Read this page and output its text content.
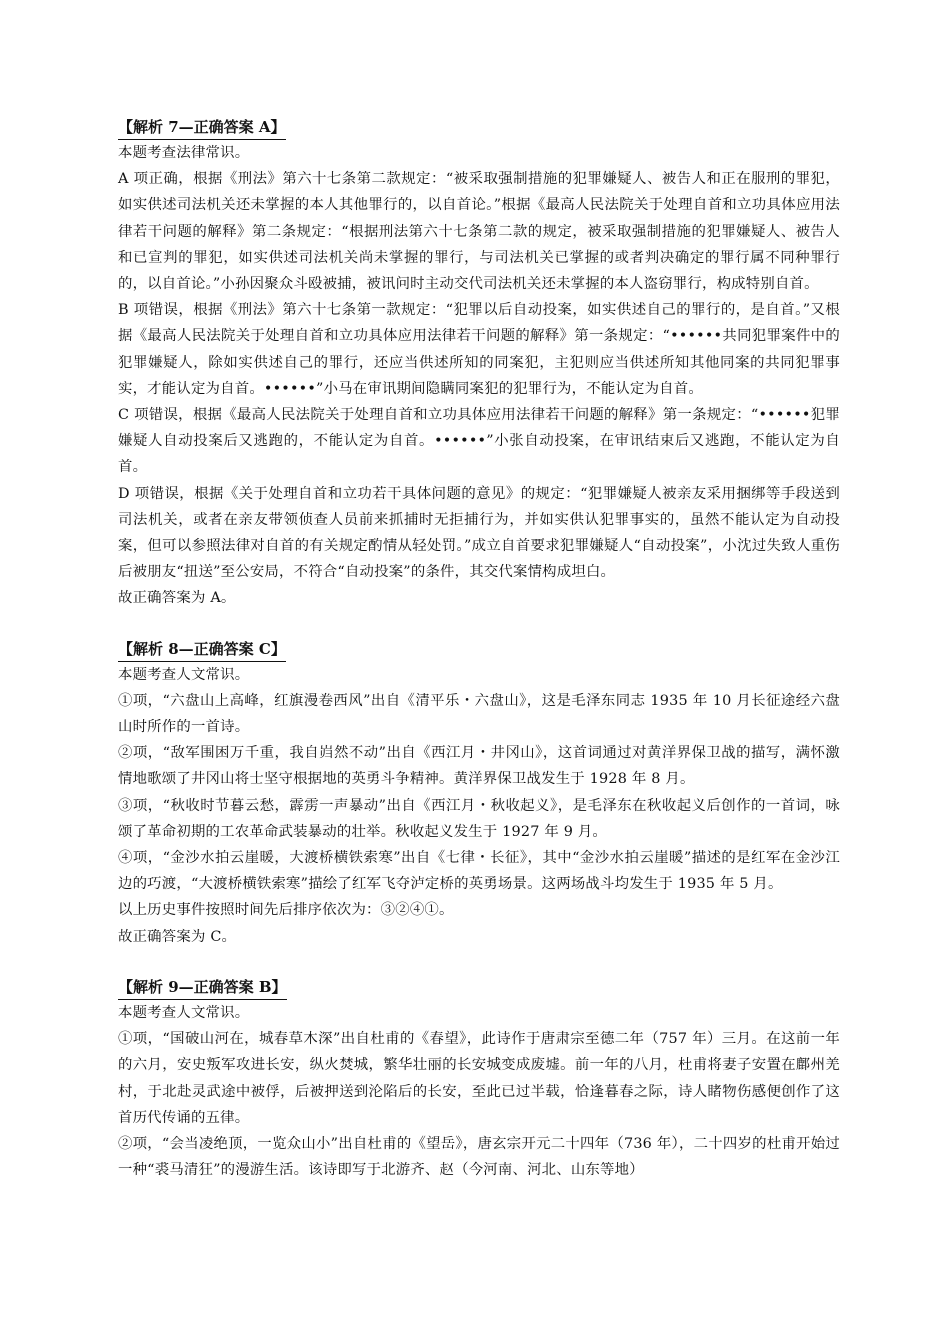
【解析 7—正确答案 A】

本题考查法律常识。

A 项正确，根据《刑法》第六十七条第二款规定：“被采取强制措施的犯罪嫌疑人、被告人和正在服刑的罪犯，如实供述司法机关还未掌握的本人其他罪行的，以自首论。”根据《最高人民法院关于处理自首和立功具体应用法律若干问题的解释》第二条规定：“根据刑法第六十七条第二款的规定，被采取强制措施的犯罪嫌疑人、被告人和已宣判的罪犯，如实供述司法机关尚未掌握的罪行，与司法机关已掌握的或者判决确定的罪行属不同种罪行的，以自首论。”小孙因聚众斗殴被捕，被讯问时主动交代司法机关还未掌握的本人盗窃罪行，构成特别自首。

B 项错误，根据《刑法》第六十七条第一款规定：“犯罪以后自动投案，如实供述自己的罪行的，是自首。”又根据《最高人民法院关于处理自首和立功具体应用法律若干问题的解释》第一条规定：“••••••共同犯罪案件中的犯罪嫌疑人，除如实供述自己的罪行，还应当供述所知的同案犯，主犯则应当供述所知其他同案的共同犯罪事实，才能认定为自首。••••••”小马在审讯期间隐瞒同案犯的犯罪行为，不能认定为自首。

C 项错误，根据《最高人民法院关于处理自首和立功具体应用法律若干问题的解释》第一条规定：“••••••犯罪嫌疑人自动投案后又逃跑的，不能认定为自首。••••••”小张自动投案，在审讯结束后又逃跑，不能认定为自首。

D 项错误，根据《关于处理自首和立功若干具体问题的意见》的规定：“犯罪嫌疑人被亲友采用捆绑等手段送到司法机关，或者在亲友带领侦查人员前来抓捕时无拒捕行为，并如实供认犯罪事实的，虽然不能认定为自动投案，但可以参照法律对自首的有关规定酌情从轻处罚。”成立自首要求犯罪嫌疑人“自动投案”，小沈过失致人重伤后被朋友“扭送”至公安局，不符合“自动投案”的条件，其交代案情构成坦白。

故正确答案为 A。

【解析 8—正确答案 C】

本题考查人文常识。

①项，“六盘山上高峰，红旗漫卷西风”出自《清平乐・六盘山》，这是毛泽东同志 1935 年 10 月长征途经六盘山时所作的一首诗。

②项，“敌军围困万千重，我自岿然不动”出自《西江月・井冈山》，这首词通过对黄洋界保卫战的描写，满怀激情地歌颂了井冈山将士坚守根据地的英勇斗争精神。黄洋界保卫战发生于 1928 年 8 月。

③项，“秋收时节暮云愁，霹雳一声暴动”出自《西江月・秋收起义》，是毛泽东在秋收起义后创作的一首词，咏颂了革命初期的工农革命武装暴动的壮举。秋收起义发生于 1927 年 9 月。

④项，“金沙水拍云崖暖，大渡桥横铁索寒”出自《七律・长征》，其中“金沙水拍云崖暖”描述的是红军在金沙江边的巧渡，“大渡桥横铁索寒”描绘了红军飞夺泸定桥的英勇场景。这两场战斗均发生于 1935 年 5 月。

以上历史事件按照时间先后排序依次为：③②④①。

故正确答案为 C。

【解析 9—正确答案 B】

本题考查人文常识。

①项，“国破山河在，城春草木深”出自杜甫的《春望》，此诗作于唐肃宗至德二年（757 年）三月。在这前一年的六月，安史叛军攻进长安，纵火焚城，繁华壮丽的长安城变成废墟。前一年的八月，杜甫将妻子安置在鄜州羌村，于北赴灵武途中被俘，后被押送到沦陷后的长安，至此已过半载，恰逢暮春之际，诗人睹物伤感便创作了这首历代传诵的五律。

②项，“会当凌绝顶，一览众山小”出自杜甫的《望岳》，唐玄宗开元二十四年（736 年），二十四岁的杜甫开始过一种“裘马清狂”的漫游生活。该诗即写于北游齐、赵（今河南、河北、山东等地）
